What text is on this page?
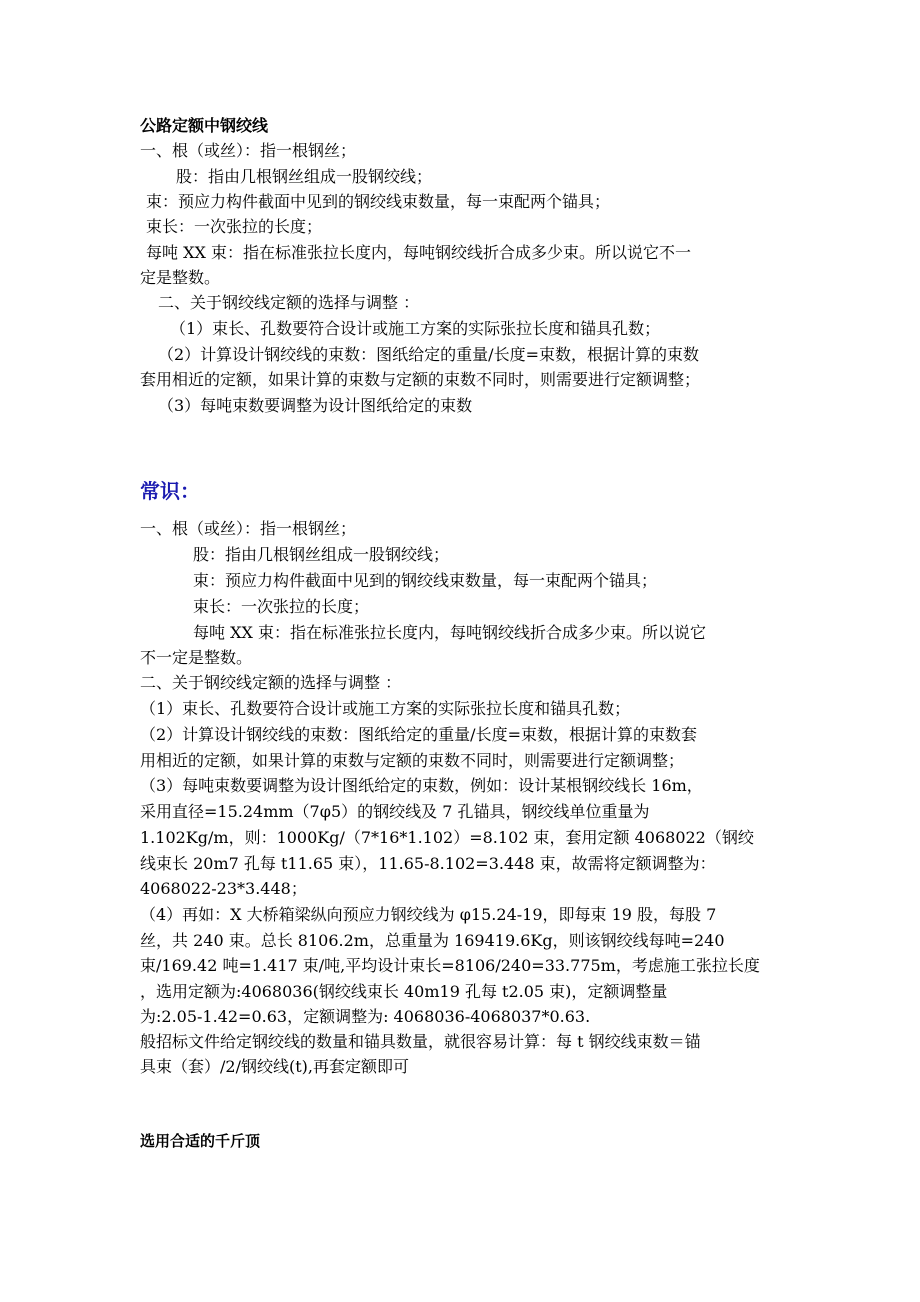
公路定额中钢绞线
一、根（或丝）：指一根钢丝；
股：指由几根钢丝组成一股钢绞线；
束：预应力构件截面中见到的钢绞线束数量，每一束配两个锚具；
束长：一次张拉的长度；
每吨 XX 束：指在标准张拉长度内，每吨钢绞线折合成多少束。所以说它不一
定是整数。
二、关于钢绞线定额的选择与调整 ：
（1）束长、孔数要符合设计或施工方案的实际张拉长度和锚具孔数；
（2）计算设计钢绞线的束数：图纸给定的重量/长度=束数，根据计算的束数
套用相近的定额，如果计算的束数与定额的束数不同时，则需要进行定额调整；
（3）每吨束数要调整为设计图纸给定的束数
常识：
一、根（或丝）：指一根钢丝；
股：指由几根钢丝组成一股钢绞线；
束：预应力构件截面中见到的钢绞线束数量，每一束配两个锚具；
束长：一次张拉的长度；
每吨 XX 束：指在标准张拉长度内，每吨钢绞线折合成多少束。所以说它
不一定是整数。
二、关于钢绞线定额的选择与调整 ：
（1）束长、孔数要符合设计或施工方案的实际张拉长度和锚具孔数；
（2）计算设计钢绞线的束数：图纸给定的重量/长度=束数，根据计算的束数套
用相近的定额，如果计算的束数与定额的束数不同时，则需要进行定额调整；
（3）每吨束数要调整为设计图纸给定的束数，例如：设计某根钢绞线长 16m，
采用直径=15.24mm（7φ5）的钢绞线及 7 孔锚具，钢绞线单位重量为
1.102Kg/m，则：1000Kg/（7*16*1.102）=8.102 束，套用定额 4068022（钢绞
线束长 20m7 孔每 t11.65 束），11.65-8.102=3.448 束，故需将定额调整为：
4068022-23*3.448；
（4）再如：X 大桥箱梁纵向预应力钢绞线为 φ15.24-19，即每束 19 股，每股 7
丝，共 240 束。总长 8106.2m，总重量为 169419.6Kg，则该钢绞线每吨=240
束/169.42 吨=1.417 束/吨,平均设计束长=8106/240=33.775m，考虑施工张拉长度
，选用定额为:4068036(钢绞线束长 40m19 孔每 t2.05 束)，定额调整量
为:2.05-1.42=0.63，定额调整为: 4068036-4068037*0.63.
般招标文件给定钢绞线的数量和锚具数量，就很容易计算：每 t 钢绞线束数＝锚
具束（套）/2/钢绞线(t),再套定额即可
选用合适的千斤顶
